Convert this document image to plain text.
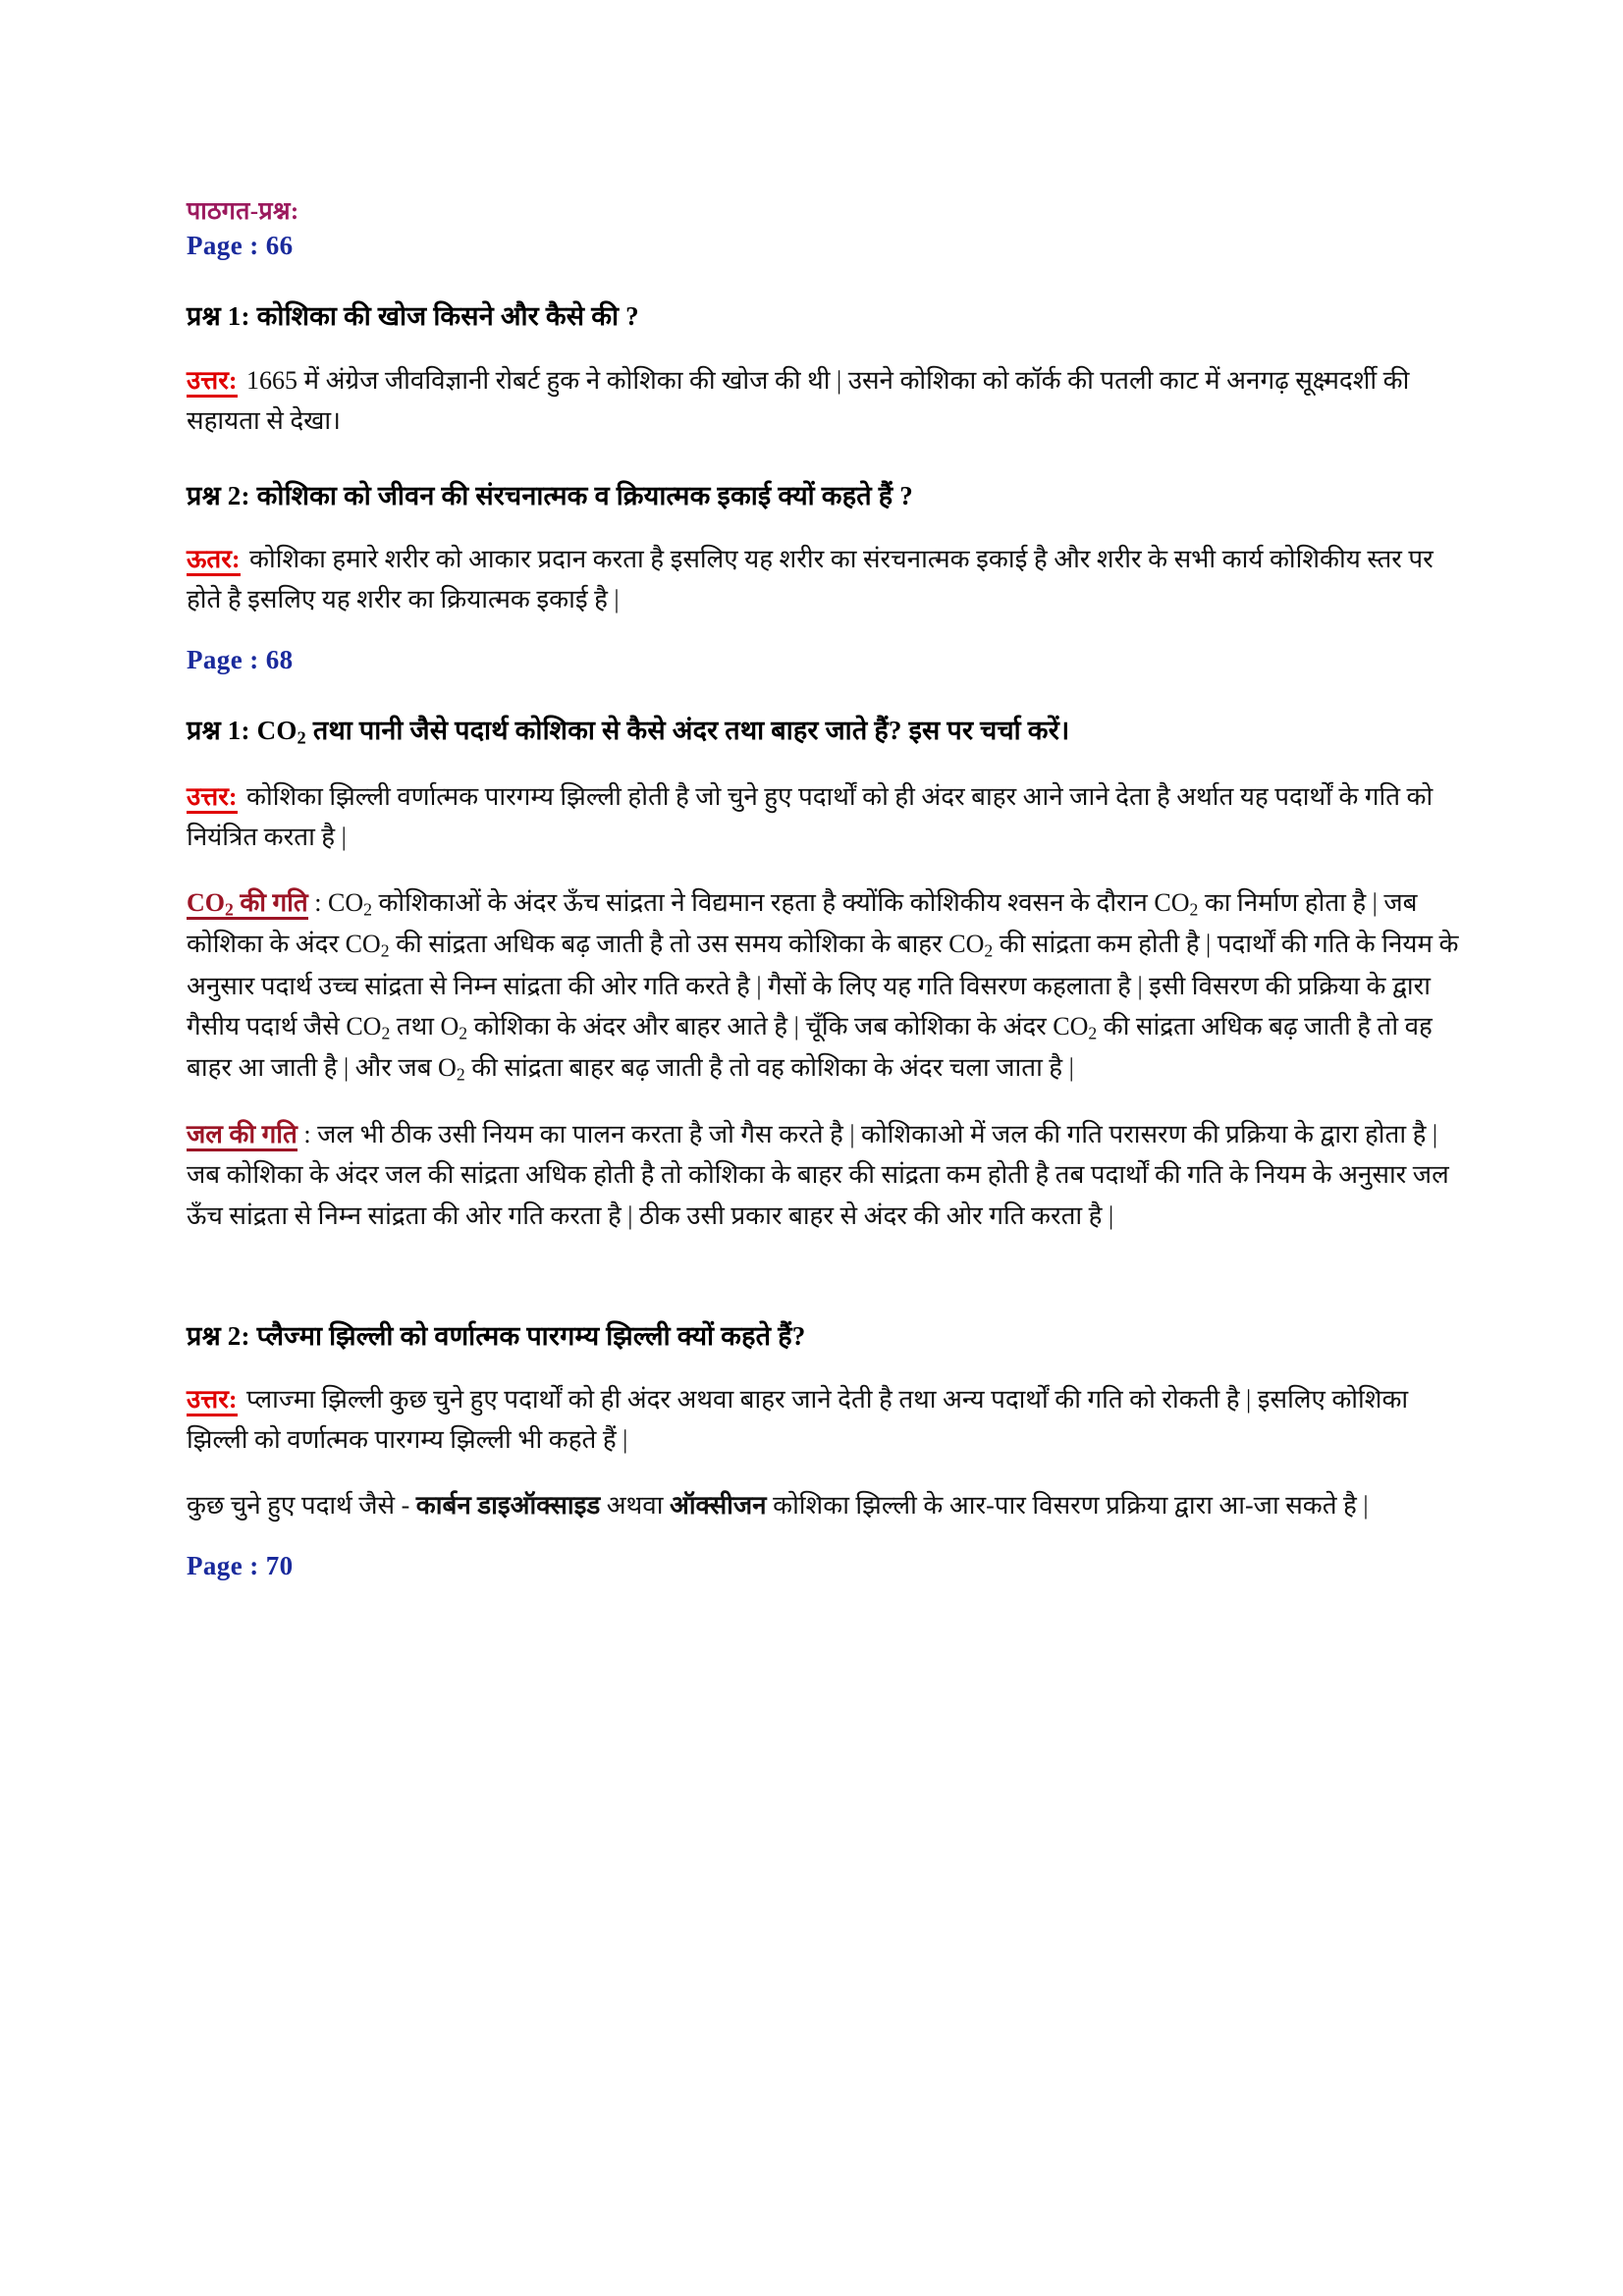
पाठगत-प्रश्न:
Page : 66
प्रश्न 1: कोशिका की खोज किसने और कैसे की ?

उत्तर: 1665 में अंग्रेज जीवविज्ञानी रोबर्ट हुक ने कोशिका की खोज की थी | उसने कोशिका को कॉर्क की पतली काट में अनगढ़ सूक्ष्मदर्शी की सहायता से देखा।

प्रश्न 2: कोशिका को जीवन की संरचनात्मक व क्रियात्मक इकाई क्यों कहते हैं ?

ऊतर: कोशिका हमारे शरीर को आकार प्रदान करता है इसलिए यह शरीर का संरचनात्मक इकाई है और शरीर के सभी कार्य कोशिकीय स्तर पर होते है इसलिए यह शरीर का क्रियात्मक इकाई है |

Page : 68
प्रश्न 1: $CO_2$ तथा पानी जैसे पदार्थ कोशिका से कैसे अंदर तथा बाहर जाते हैं? इस पर चर्चा करें।

उत्तर: कोशिका झिल्ली वर्णात्मक पारगम्य झिल्ली होती है जो चुने हुए पदार्थों को ही अंदर बाहर आने जाने देता है अर्थात यह पदार्थों के गति को नियंत्रित करता है |

$CO_2$ की गति : $CO_2$ कोशिकाओं के अंदर ऊँच सांद्रता ने विद्यमान रहता है क्योंकि कोशिकीय श्वसन के दौरान $CO_2$ का निर्माण होता है | जब कोशिका के अंदर $CO_2$ की सांद्रता अधिक बढ़ जाती है तो उस समय कोशिका के बाहर $CO_2$ की सांद्रता कम होती है | पदार्थों की गति के नियम के अनुसार पदार्थ उच्च सांद्रता से निम्न सांद्रता की ओर गति करते है | गैसों के लिए यह गति विसरण कहलाता है | इसी विसरण की प्रक्रिया के द्वारा गैसीय पदार्थ जैसे $CO_2$ तथा $O_2$ कोशिका के अंदर और बाहर आते है | चूँकि जब कोशिका के अंदर $CO_2$ की सांद्रता अधिक बढ़ जाती है तो वह बाहर आ जाती है | और जब $O_2$ की सांद्रता बाहर बढ़ जाती है तो वह कोशिका के अंदर चला जाता है |

जल की गति : जल भी ठीक उसी नियम का पालन करता है जो गैस करते है | कोशिकाओ में जल की गति परासरण की प्रक्रिया के द्वारा होता है | जब कोशिका के अंदर जल की सांद्रता अधिक होती है तो कोशिका के बाहर की सांद्रता कम होती है तब पदार्थों की गति के नियम के अनुसार जल ऊँच सांद्रता से निम्न सांद्रता की ओर गति करता है | ठीक उसी प्रकार बाहर से अंदर की ओर गति करता है |

प्रश्न 2: प्लैज्मा झिल्ली को वर्णात्मक पारगम्य झिल्ली क्यों कहते हैं?

उत्तर: प्लाज्मा झिल्ली कुछ चुने हुए पदार्थों को ही अंदर अथवा बाहर जाने देती है तथा अन्य पदार्थों की गति को रोकती है | इसलिए कोशिका झिल्ली को वर्णात्मक पारगम्य झिल्ली भी कहते हैं |

कुछ चुने हुए पदार्थ जैसे - कार्बन डाइऑक्साइड अथवा ऑक्सीजन कोशिका झिल्ली के आर-पार विसरण प्रक्रिया द्वारा आ-जा सकते है |

Page : 70
